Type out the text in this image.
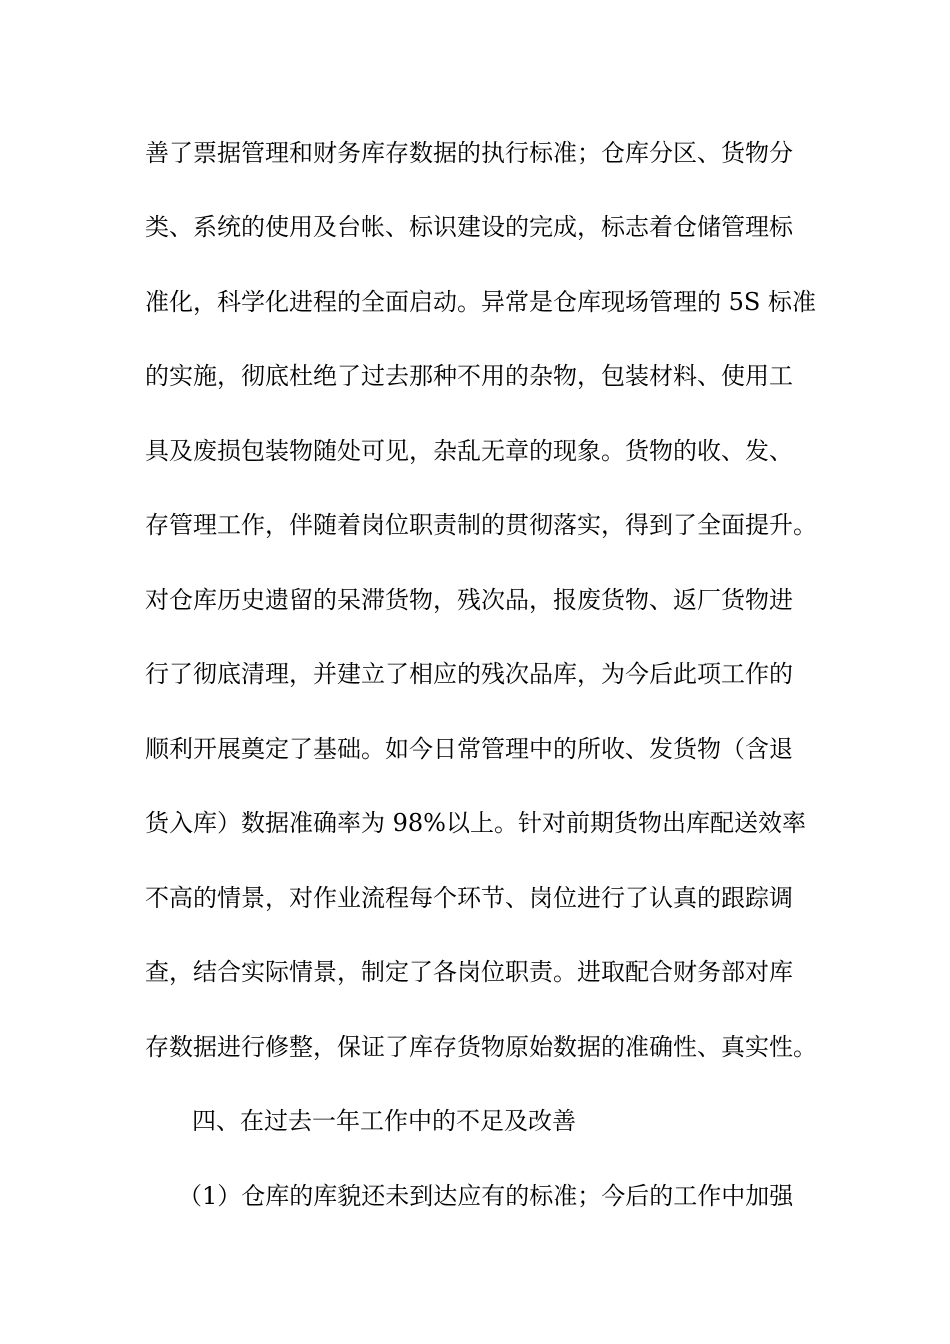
善了票据管理和财务库存数据的执行标准；仓库分区、货物分

类、系统的使用及台帐、标识建设的完成，标志着仓储管理标

准化，科学化进程的全面启动。异常是仓库现场管理的 5S 标准

的实施，彻底杜绝了过去那种不用的杂物，包装材料、使用工

具及废损包装物随处可见，杂乱无章的现象。货物的收、发、

存管理工作，伴随着岗位职责制的贯彻落实，得到了全面提升。

对仓库历史遗留的呆滞货物，残次品，报废货物、返厂货物进

行了彻底清理，并建立了相应的残次品库，为今后此项工作的

顺利开展奠定了基础。如今日常管理中的所收、发货物（含退

货入库）数据准确率为 98%以上。针对前期货物出库配送效率

不高的情景，对作业流程每个环节、岗位进行了认真的跟踪调

查，结合实际情景，制定了各岗位职责。进取配合财务部对库

存数据进行修整，保证了库存货物原始数据的准确性、真实性。

四、在过去一年工作中的不足及改善

（1）仓库的库貌还未到达应有的标准；今后的工作中加强
